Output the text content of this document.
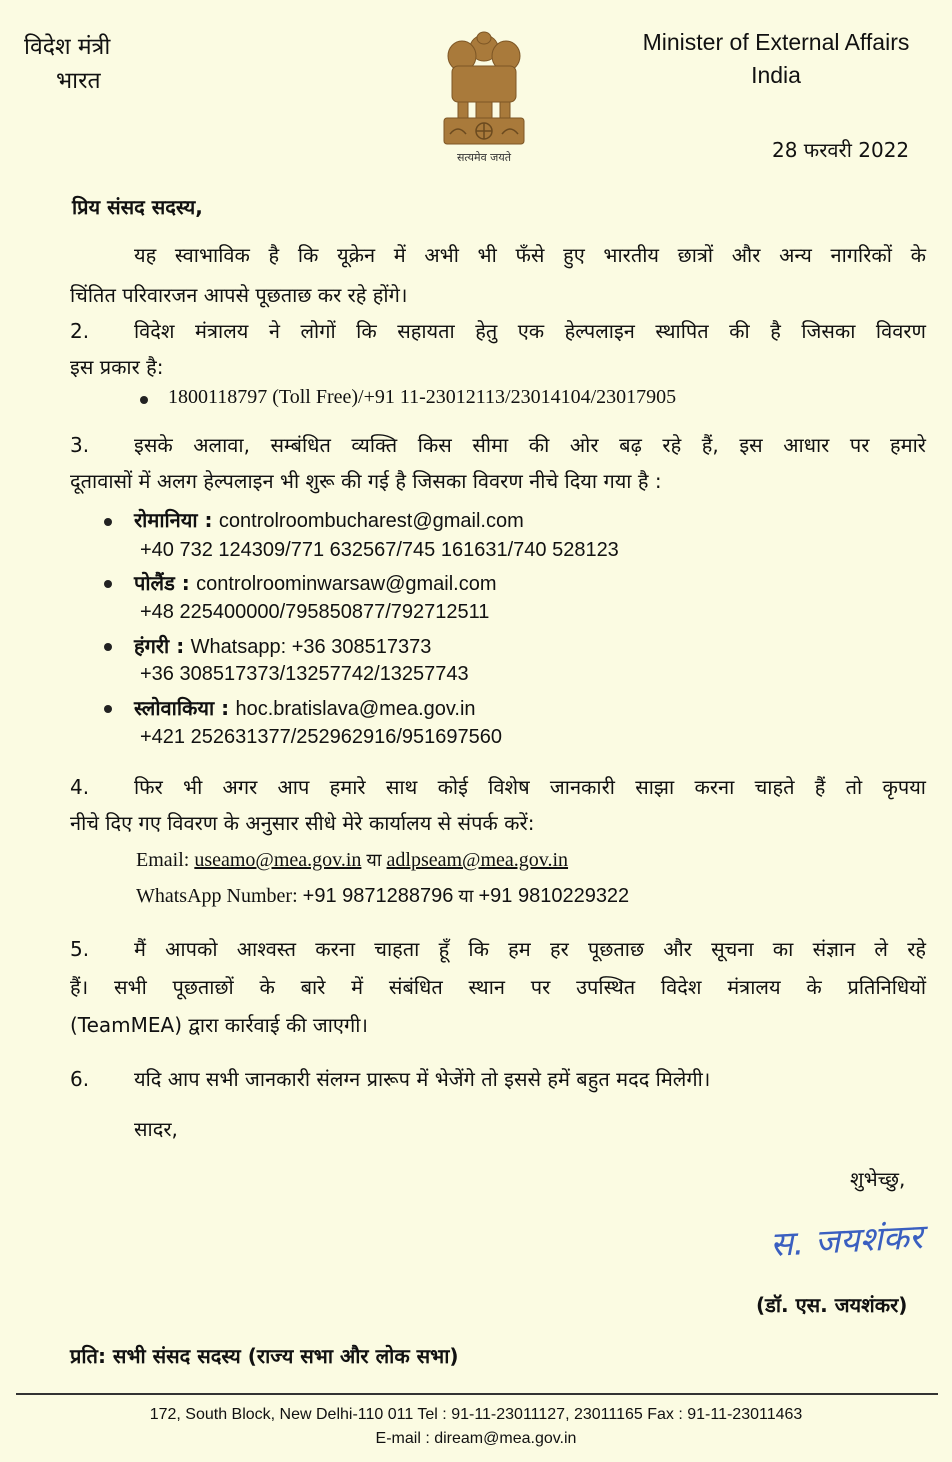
विदेश मंत्री
भारत
सत्यमेव जयते
Minister of External Affairs
India
28 फरवरी 2022
प्रिय संसद सदस्य,
यह स्वाभाविक है कि यूक्रेन में अभी भी फँसे हुए भारतीय छात्रों और अन्य नागरिकों के
चिंतित परिवारजन आपसे पूछताछ कर रहे होंगे।
2. विदेश मंत्रालय ने लोगों कि सहायता हेतु एक हेल्पलाइन स्थापित की है जिसका विवरण
इस प्रकार है:
1800118797 (Toll Free)/+91 11-23012113/23014104/23017905
3. इसके अलावा, सम्बंधित व्यक्ति किस सीमा की ओर बढ़ रहे हैं, इस आधार पर हमारे
दूतावासों में अलग हेल्पलाइन भी शुरू की गई है जिसका विवरण नीचे दिया गया है :
रोमानिया : controlroombucharest@gmail.com
+40 732 124309/771 632567/745 161631/740 528123
पोलैंड : controlroominwarsaw@gmail.com
+48 225400000/795850877/792712511
हंगरी : Whatsapp: +36 308517373
+36 308517373/13257742/13257743
स्लोवाकिया : hoc.bratislava@mea.gov.in
+421 252631377/252962916/951697560
4. फिर भी अगर आप हमारे साथ कोई विशेष जानकारी साझा करना चाहते हैं तो कृपया
नीचे दिए गए विवरण के अनुसार सीधे मेरे कार्यालय से संपर्क करें:
Email: useamo@mea.gov.in या adlpseam@mea.gov.in
WhatsApp Number: +91 9871288796 या +91 9810229322
5. मैं आपको आश्वस्त करना चाहता हूँ कि हम हर पूछताछ और सूचना का संज्ञान ले रहे
हैं। सभी पूछताछों के बारे में संबंधित स्थान पर उपस्थित विदेश मंत्रालय के प्रतिनिधियों
(TeamMEA) द्वारा कार्रवाई की जाएगी।
6. यदि आप सभी जानकारी संलग्न प्रारूप में भेजेंगे तो इससे हमें बहुत मदद मिलेगी।
सादर,
शुभेच्छु,
स. जयशंकर
(डॉ. एस. जयशंकर)
प्रति: सभी संसद सदस्य (राज्य सभा और लोक सभा)
172, South Block, New Delhi-110 011 Tel : 91-11-23011127, 23011165 Fax : 91-11-23011463
E-mail : diream@mea.gov.in
